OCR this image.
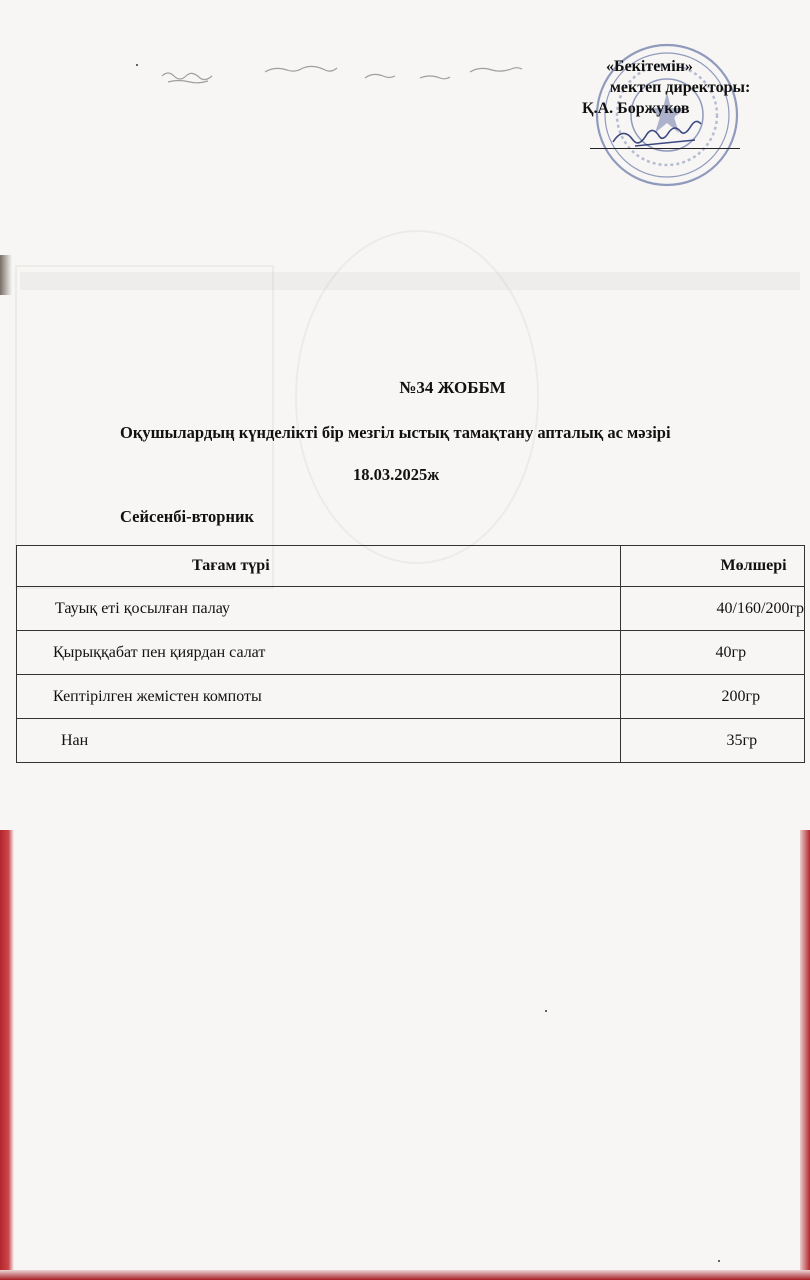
«Бекітемін»
мектеп директоры:
Қ.А. Боржуков
№34 ЖОББМ
Оқушылардың күнделікті бір мезгіл ыстық тамақтану апталық ас мәзірі
18.03.2025ж
Сейсенбі-вторник
Тағам түрі	Мөлшері
Тауық еті қосылған палау	40/160/200гр
Қырыққабат пен қиярдан салат	40гр
Кептірілген жемістен компоты	200гр
Нан	35гр
